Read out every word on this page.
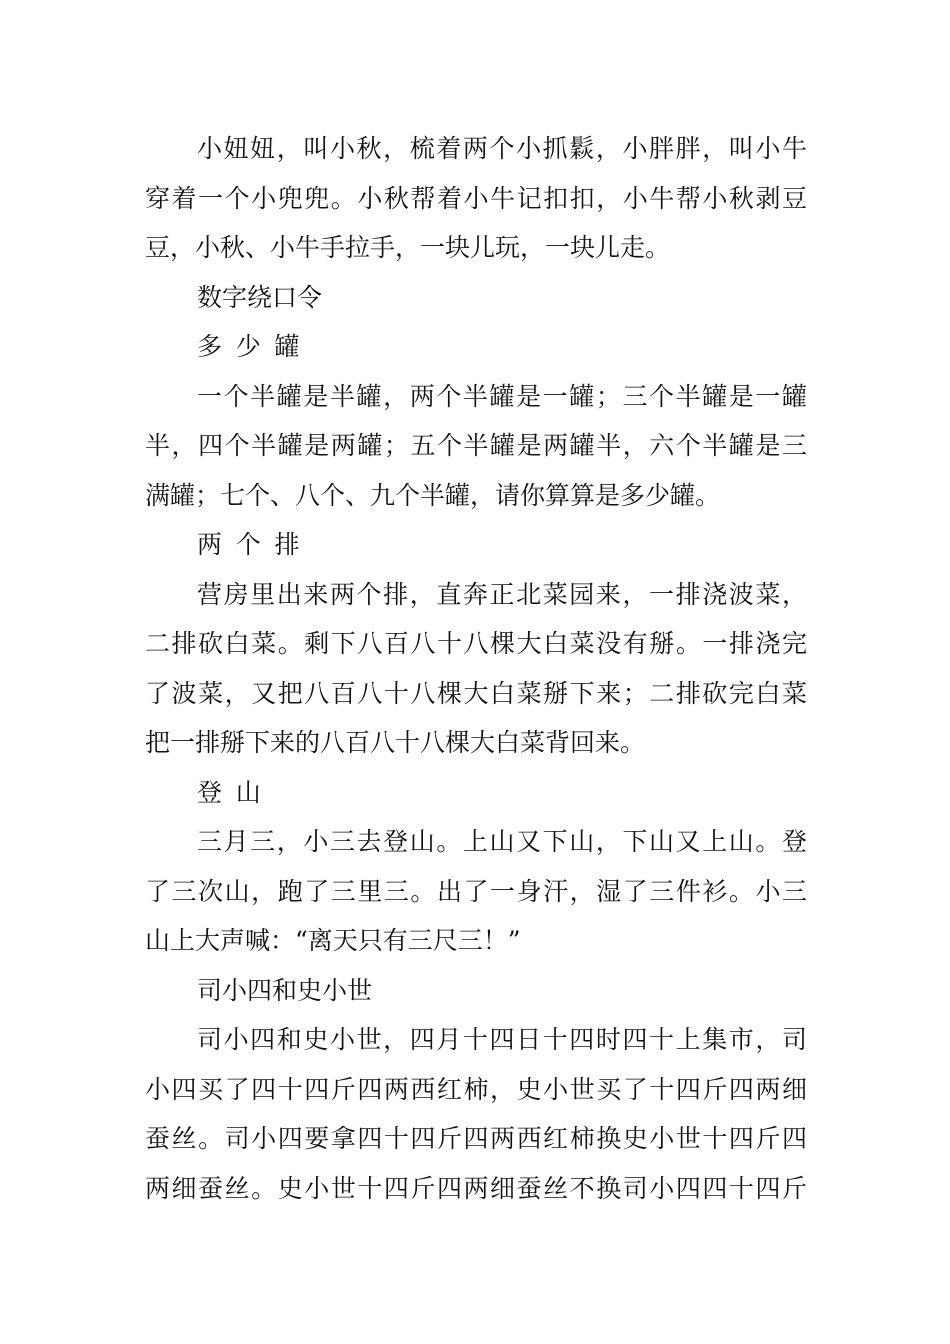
小妞妞，叫小秋，梳着两个小抓鬏，小胖胖，叫小牛
穿着一个小兜兜。小秋帮着小牛记扣扣，小牛帮小秋剥豆
豆，小秋、小牛手拉手，一块儿玩，一块儿走。
数字绕口令
多少罐
一个半罐是半罐，两个半罐是一罐；三个半罐是一罐
半，四个半罐是两罐；五个半罐是两罐半，六个半罐是三
满罐；七个、八个、九个半罐，请你算算是多少罐。
两个排
营房里出来两个排，直奔正北菜园来，一排浇波菜，
二排砍白菜。剩下八百八十八棵大白菜没有掰。一排浇完
了波菜，又把八百八十八棵大白菜掰下来；二排砍完白菜
把一排掰下来的八百八十八棵大白菜背回来。
登山
三月三，小三去登山。上山又下山，下山又上山。登
了三次山，跑了三里三。出了一身汗，湿了三件衫。小三
山上大声喊：“离天只有三尺三！”
司小四和史小世
司小四和史小世，四月十四日十四时四十上集市，司
小四买了四十四斤四两西红柿，史小世买了十四斤四两细
蚕丝。司小四要拿四十四斤四两西红柿换史小世十四斤四
两细蚕丝。史小世十四斤四两细蚕丝不换司小四四十四斤
